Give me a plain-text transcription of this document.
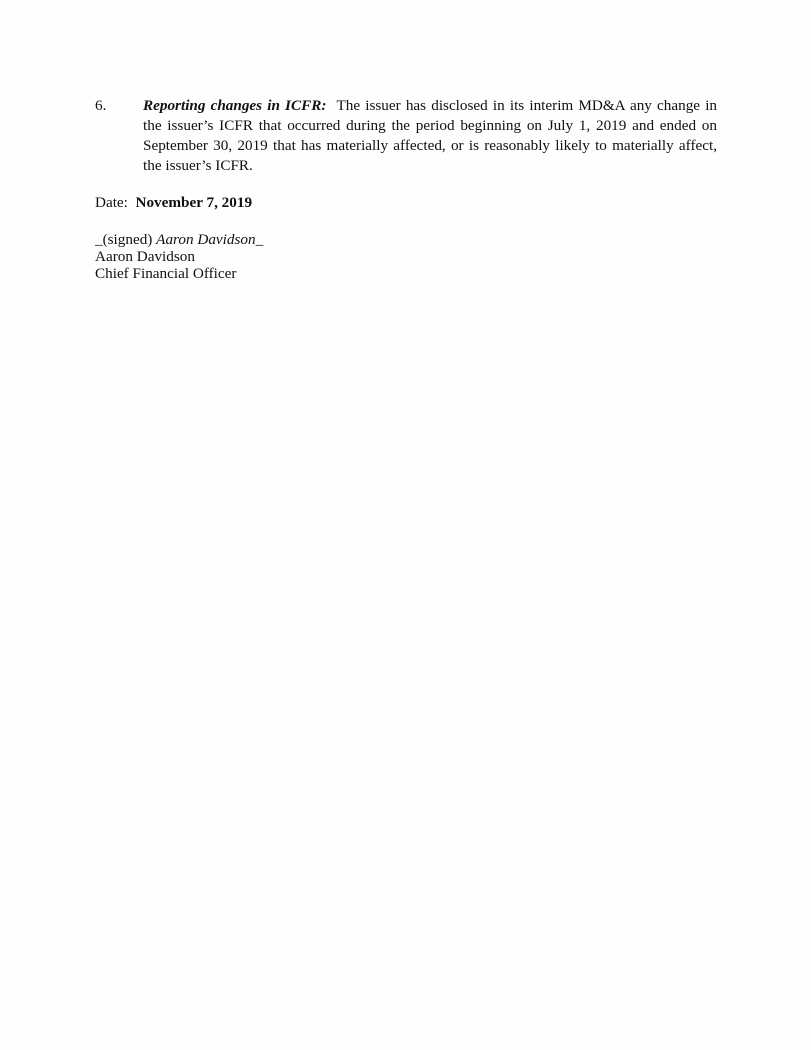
6. Reporting changes in ICFR: The issuer has disclosed in its interim MD&A any change in the issuer’s ICFR that occurred during the period beginning on July 1, 2019 and ended on September 30, 2019 that has materially affected, or is reasonably likely to materially affect, the issuer’s ICFR.
Date: November 7, 2019
_(signed) Aaron Davidson_
Aaron Davidson
Chief Financial Officer
